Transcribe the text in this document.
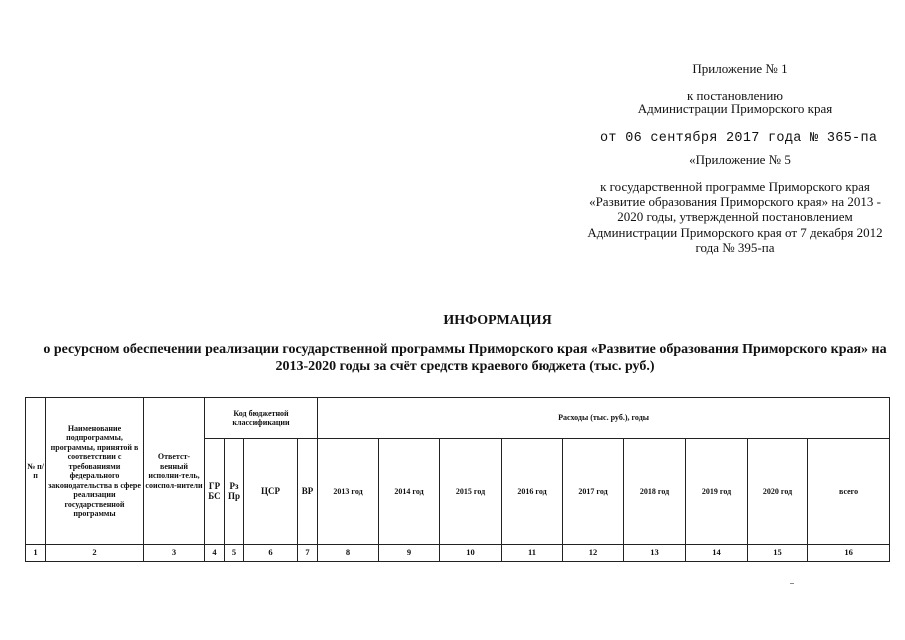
Приложение № 1
к постановлению
Администрации Приморского края
от 06 сентября 2017 года № 365-па
«Приложение № 5
к государственной программе Приморского края «Развитие образования Приморского края» на 2013 - 2020 годы, утвержденной постановлением Администрации Приморского края от 7 декабря 2012 года № 395-па
ИНФОРМАЦИЯ
о ресурсном обеспечении реализации государственной программы Приморского края «Развитие образования Приморского края» на 2013-2020 годы за счёт средств краевого бюджета (тыс. руб.)
№ п/п	Наименование подпрограммы, программы, принятой в соответствии с требованиями федерального законодательства в сфере реализации государственной программы	Ответст-венный исполни-тель, соиспол-нители	Код бюджетной классификации				Расходы (тыс. руб.), годы								
			ГР БС	Рз Пр	ЦСР	ВР	2013 год	2014 год	2015 год	2016 год	2017 год	2018 год	2019 год	2020 год	всего
1	2	3	4	5	6	7	8	9	10	11	12	13	14	15	16
